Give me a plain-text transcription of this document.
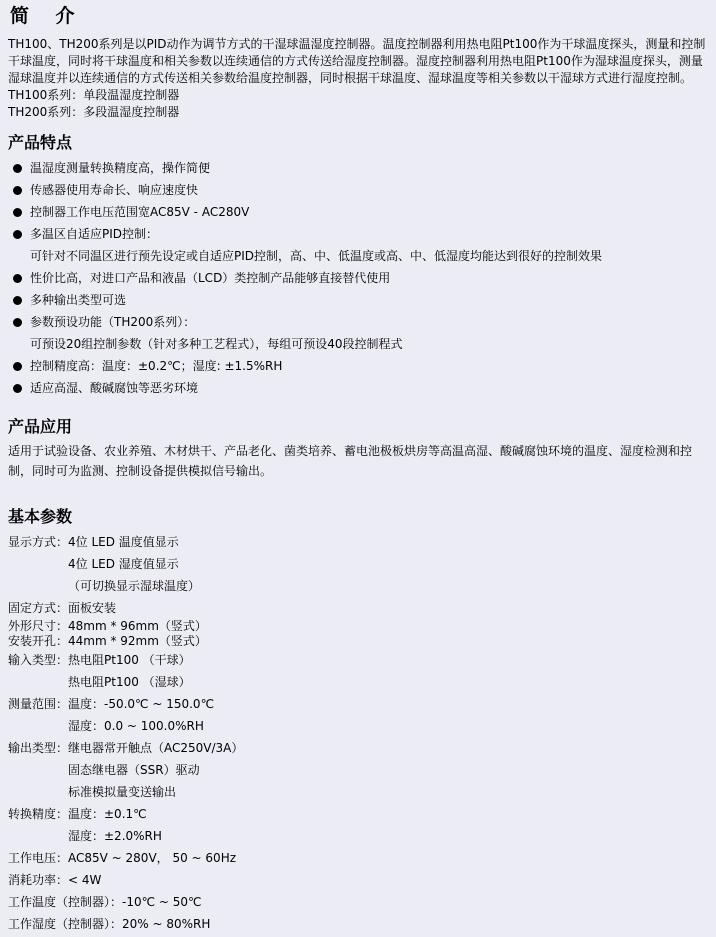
简    介
TH100、TH200系列是以PID动作为调节方式的干湿球温湿度控制器。温度控制器利用热电阻Pt100作为干球温度探头，测量和控制干球温度，同时将干球温度和相关参数以连续通信的方式传送给湿度控制器。湿度控制器利用热电阻Pt100作为湿球温度探头，测量湿球温度并以连续通信的方式传送相关参数给温度控制器，同时根据干球温度、湿球温度等相关参数以干湿球方式进行湿度控制。
TH100系列：单段温湿度控制器
TH200系列：多段温湿度控制器
产品特点
温湿度测量转换精度高，操作简便
传感器使用寿命长、响应速度快
控制器工作电压范围宽AC85V - AC280V
多温区自适应PID控制：
可针对不同温区进行预先设定或自适应PID控制，高、中、低温度或高、中、低湿度均能达到很好的控制效果
性价比高，对进口产品和液晶（LCD）类控制产品能够直接替代使用
多种输出类型可选
参数预设功能（TH200系列）：
可预设20组控制参数（针对多种工艺程式），每组可预设40段控制程式
控制精度高：温度：±0.2℃；湿度: ±1.5%RH
适应高湿、酸碱腐蚀等恶劣环境
产品应用
适用于试验设备、农业养殖、木材烘干、产品老化、菌类培养、蓄电池极板烘房等高温高湿、酸碱腐蚀环境的温度、湿度检测和控制，同时可为监测、控制设备提供模拟信号输出。
基本参数
显示方式：4位 LED 温度值显示
4位 LED 湿度值显示
（可切换显示湿球温度）
固定方式：面板安装
外形尺寸：48mm * 96mm（竖式）
安装开孔：44mm * 92mm（竖式）
输入类型：热电阻Pt100 （干球）
热电阻Pt100 （湿球）
测量范围：温度：-50.0℃ ~ 150.0℃
湿度：0.0 ~ 100.0%RH
输出类型：继电器常开触点（AC250V/3A）
固态继电器（SSR）驱动
标准模拟量变送输出
转换精度：温度：±0.1℃
湿度：±2.0%RH
工作电压：AC85V ~ 280V， 50 ~ 60Hz
消耗功率：< 4W
工作温度（控制器）：-10℃ ~ 50℃
工作湿度（控制器）：20% ~ 80%RH
